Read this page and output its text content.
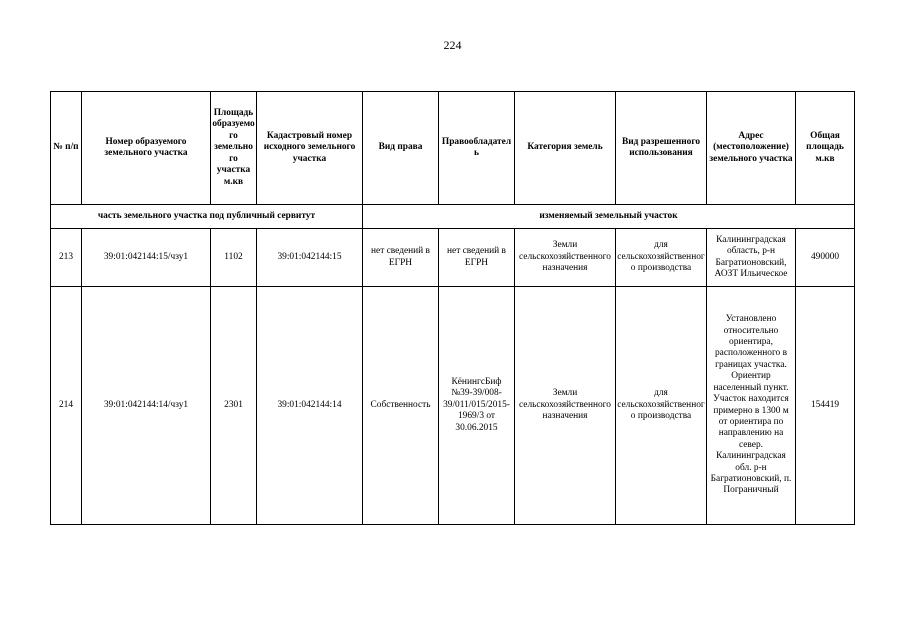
224
№ п/п	Номер образуемого земельного участка	Площадь образуемого земельного участка м.кв	Кадастровый номер исходного земельного участка	Вид права	Правообладатель	Категория земель	Вид разрешенного использования	Адрес (местоположение) земельного участка	Общая площадь м.кв
часть земельного участка под публичный сервитут				изменяемый земельный участок					
213	39:01:042144:15/чзу1	1102	39:01:042144:15	нет сведений в ЕГРН	нет сведений в ЕГРН	Земли сельскохозяйственного назначения	для сельскохозяйственного производства	Калининградская область, р-н Багратионовский, АОЗТ Ильическое	490000
214	39:01:042144:14/чзу1	2301	39:01:042144:14	Собственность	КёнингсБиф №39-39/008-39/011/015/2015-1969/3 от 30.06.2015	Земли сельскохозяйственного назначения	для сельскохозяйственного производства	Установлено относительно ориентира, расположенного в границах участка. Ориентир населенный пункт. Участок находится примерно в 1300 м от ориентира по направлению на север. Калининградская обл. р-н Багратионовский, п. Пограничный	154419
